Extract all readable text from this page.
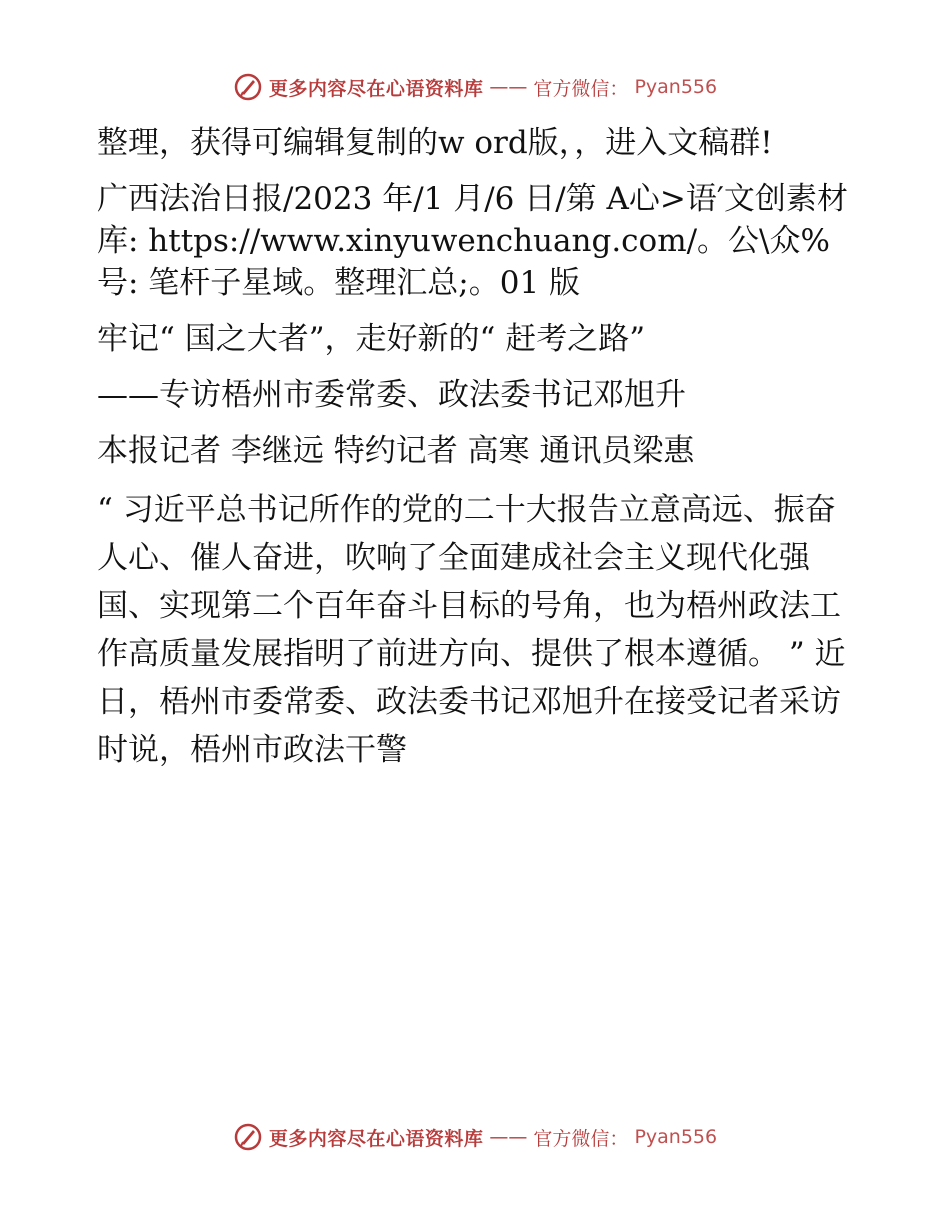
更多内容尽在心语资料库 —— 官方微信： Pyan556

整理，获得可编辑复制的w ord版，，进入文稿群!

广西法治日报/2023 年/1 月/6 日/第 A心>语′文创素材库: https://www.xinyuwenchuang.com/。公\众%号: 笔杆子星域。整理汇总;。01 版

牢记“ 国之大者”，走好新的“ 赶考之路”

——专访梧州市委常委、政法委书记邓旭升

本报记者 李继远 特约记者 高寒 通讯员梁惠

“ 习近平总书记所作的党的二十大报告立意高远、振奋人心、催人奋进，吹响了全面建成社会主义现代化强国、实现第二个百年奋斗目标的号角，也为梧州政法工作高质量发展指明了前进方向、提供了根本遵循。 ” 近日，梧州市委常委、政法委书记邓旭升在接受记者采访时说，梧州市政法干警

更多内容尽在心语资料库 —— 官方微信： Pyan556
